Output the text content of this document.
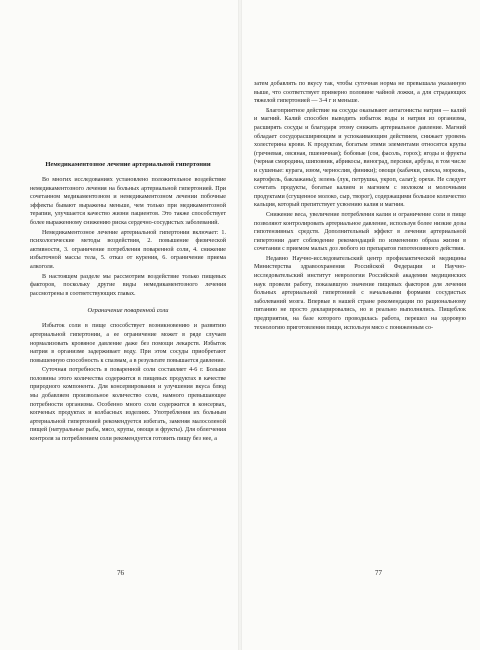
Немедикаментозное лечение артериальной гипертонии

Во многих исследованиях установлено положительное воздействие немедикаментозного лечения на больных артериальной гипертонией. При сочетанном медикаментозном и немедикаментозном лечении побочные эффекты бывают выражены меньше, чем только при медикаментозной терапии, улучшается качество жизни пациентов. Это также способствует более выраженному снижению риска сердечно-сосудистых заболеваний.

Немедикаментозное лечение артериальной гипертонии включает: 1. психологические методы воздействия, 2. повышение физической активности, 3. ограничение потребления поваренной соли, 4. снижение избыточной массы тела, 5. отказ от курения, 6. ограничение приема алкоголя.

В настоящем разделе мы рассмотрим воздействие только пищевых факторов, поскольку другие виды немедикаментозного лечения рассмотрены в соответствующих главах.

Ограничение поваренной соли

Избыток соли в пище способствует возникновению и развитию артериальной гипертонии, а ее ограничение может в ряде случаев нормализовать кровяное давление даже без помощи лекарств. Избыток натрия в организме задерживает воду. При этом сосуды приобретают повышенную способность к спазмам, а в результате повышается давление.

Суточная потребность в поваренной соли составляет 4-6 г. Больше половины этого количества содержится в пищевых продуктах в качестве природного компонента. Для консервирования и улучшения вкуса блюд мы добавляем произвольное количество соли, намного превышающее потребности организма. Особенно много соли содержится в консервах, копченых продуктах и колбасных изделиях. Употребления их больным артериальной гипертонией рекомендуется избегать, заменяя малосоленой пищей (натуральные рыба, мясо, крупы, овощи и фрукты). Для облегчения контроля за потреблением соли рекомендуется готовить пищу без нее, а

затем добавлять по вкусу так, чтобы суточная норма не превышала указанную выше, что соответствует примерно половине чайной ложки, а для страдающих тяжелой гипертонией — 3-4 г и меньше.

Благоприятное действие на сосуды оказывают антагонисты натрия — калий и магний. Калий способен выводить избыток воды и натрия из организма, расширять сосуды и благодаря этому снижать артериальное давление. Магний обладает сосудорасширяющим и успокаивающим действием, снижает уровень холестерина крови. К продуктам, богатым этими элементами относятся крупы (гречневая, овсяная, пшеничная); бобовые (соя, фасоль, горох); ягоды и фрукты (черная смородина, шиповник, абрикосы, виноград, персики, арбузы, в том числе и сушеные: курага, изюм, чернослив, финики); овощи (кабачки, свекла, морковь, картофель, баклажаны); зелень (лук, петрушка, укроп, салат); орехи. Не следует сочетать продукты, богатые калием и магнием с молоком и молочными продуктами (сгущенное молоко, сыр, творог), содержащими большое количество кальция, который препятствует усвоению калия и магния.

Снижение веса, увеличение потребления калия и ограничение соли в пище позволяют контролировать артериальное давление, используя более низкие дозы гипотензивных средств. Дополнительный эффект в лечении артериальной гипертонии дает соблюдение рекомендаций по изменению образа жизни в сочетании с приемом малых доз любого из препаратов гипотензивного действия.

Недавно Научно-исследовательский центр профилактической медицины Министерства здравоохранения Российской Федерации и Научно-исследовательский институт неврологии Российской академии медицинских наук провели работу, показавшую значение пищевых факторов для лечения больных артериальной гипертонией с начальными формами сосудистых заболеваний мозга. Впервые в нашей стране рекомендации по рациональному питанию не просто декларировались, но и реально выполнялись. Пищеблок предприятия, на базе которого проводилась работа, перешел на здоровую технологию приготовления пищи, используя мясо с пониженным со-

76	77
